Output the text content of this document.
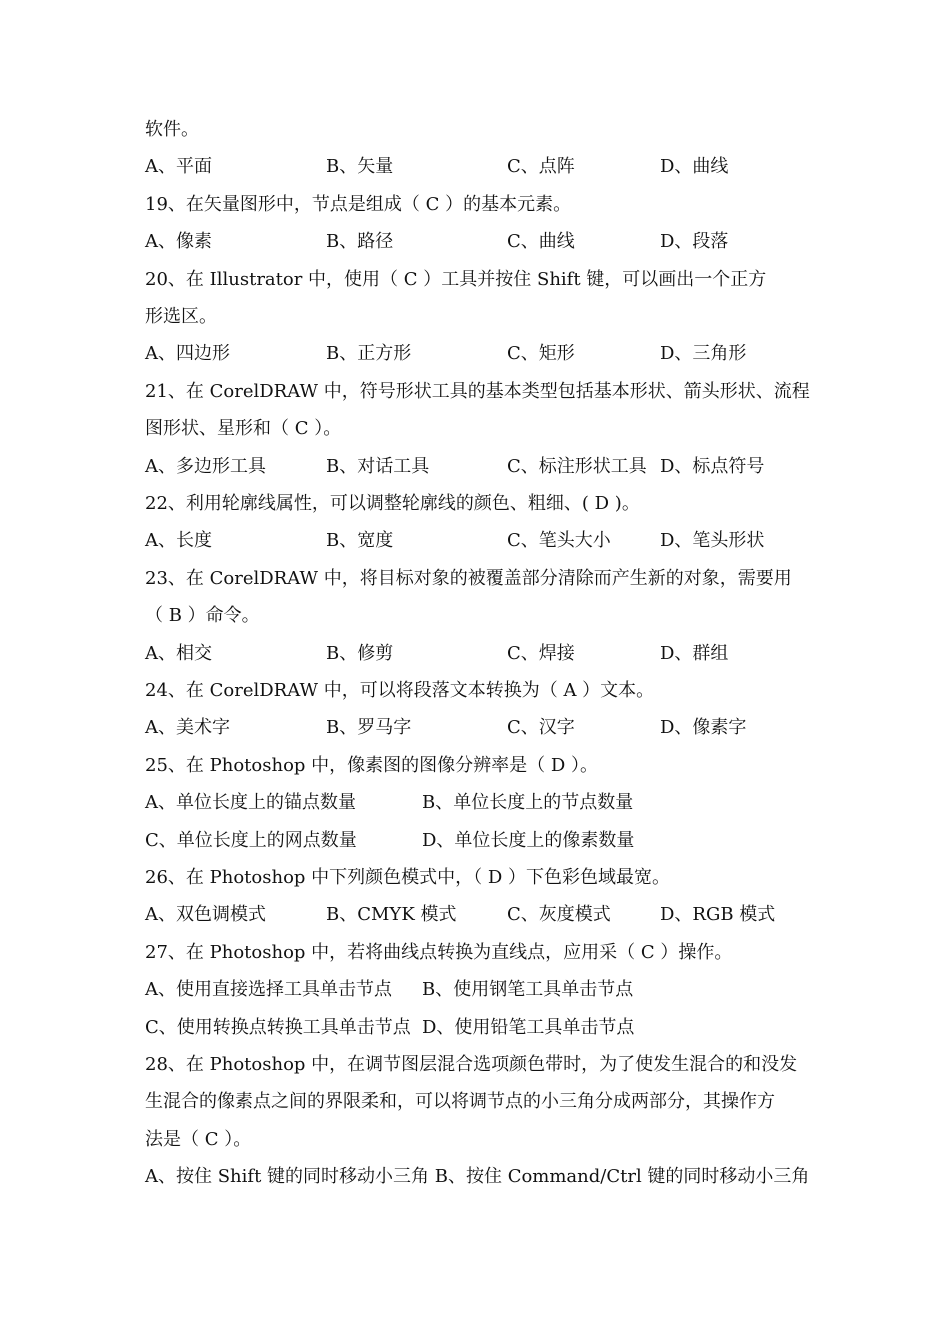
软件。
A、平面	B、矢量	C、点阵	D、曲线
19、在矢量图形中，节点是组成（ C ）的基本元素。
A、像素	B、路径	C、曲线	D、段落
20、在 Illustrator 中，使用（ C ）工具并按住 Shift 键，可以画出一个正方
形选区。
A、四边形	B、正方形	C、矩形	D、三角形
21、在 CorelDRAW 中，符号形状工具的基本类型包括基本形状、箭头形状、流程
图形状、星形和（ C ）。
A、多边形工具	B、对话工具	C、标注形状工具 D、标点符号
22、利用轮廓线属性，可以调整轮廓线的颜色、粗细、( D )。
A、长度	B、宽度	C、笔头大小	D、笔头形状
23、在 CorelDRAW 中，将目标对象的被覆盖部分清除而产生新的对象，需要用
（ B ）命令。
A、相交	B、修剪	C、焊接	D、群组
24、在 CorelDRAW 中，可以将段落文本转换为（ A ）文本。
A、美术字	B、罗马字	C、汉字	D、像素字
25、在 Photoshop 中，像素图的图像分辨率是（ D ）。
A、单位长度上的锚点数量	B、单位长度上的节点数量
C、单位长度上的网点数量	D、单位长度上的像素数量
26、在 Photoshop 中下列颜色模式中，（ D ）下色彩色域最宽。
A、双色调模式	B、CMYK 模式	C、灰度模式	D、RGB 模式
27、在 Photoshop 中，若将曲线点转换为直线点，应用采（ C ）操作。
A、使用直接选择工具单击节点 B、使用钢笔工具单击节点
C、使用转换点转换工具单击节点 D、使用铅笔工具单击节点
28、在 Photoshop 中，在调节图层混合选项颜色带时，为了使发生混合的和没发
生混合的像素点之间的界限柔和，可以将调节点的小三角分成两部分，其操作方
法是（ C ）。
A、按住 Shift 键的同时移动小三角 B、按住 Command/Ctrl 键的同时移动小三角
